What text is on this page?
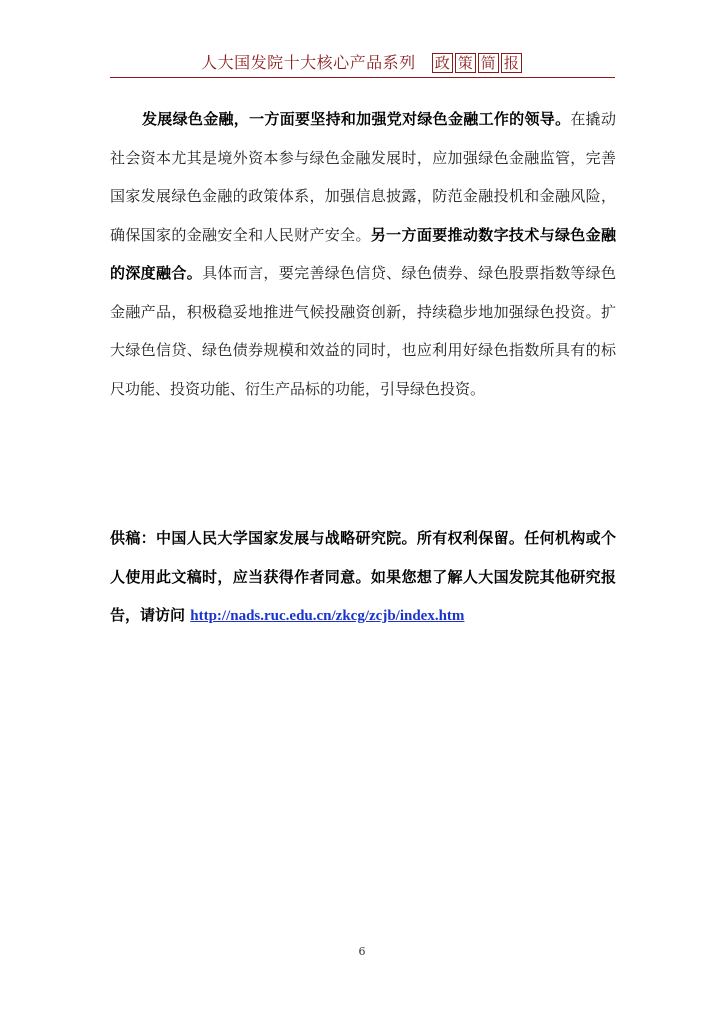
人大国发院十大核心产品系列 政 策 简 报

发展绿色金融，一方面要坚持和加强党对绿色金融工作的领导。在撬动社会资本尤其是境外资本参与绿色金融发展时，应加强绿色金融监管，完善国家发展绿色金融的政策体系，加强信息披露，防范金融投机和金融风险，确保国家的金融安全和人民财产安全。另一方面要推动数字技术与绿色金融的深度融合。具体而言，要完善绿色信贷、绿色债券、绿色股票指数等绿色金融产品，积极稳妥地推进气候投融资创新，持续稳步地加强绿色投资。扩大绿色信贷、绿色债券规模和效益的同时，也应利用好绿色指数所具有的标尺功能、投资功能、衍生产品标的功能，引导绿色投资。

供稿：中国人民大学国家发展与战略研究院。所有权利保留。任何机构或个人使用此文稿时，应当获得作者同意。如果您想了解人大国发院其他研究报告，请访问 http://nads.ruc.edu.cn/zkcg/zcjb/index.htm
6
